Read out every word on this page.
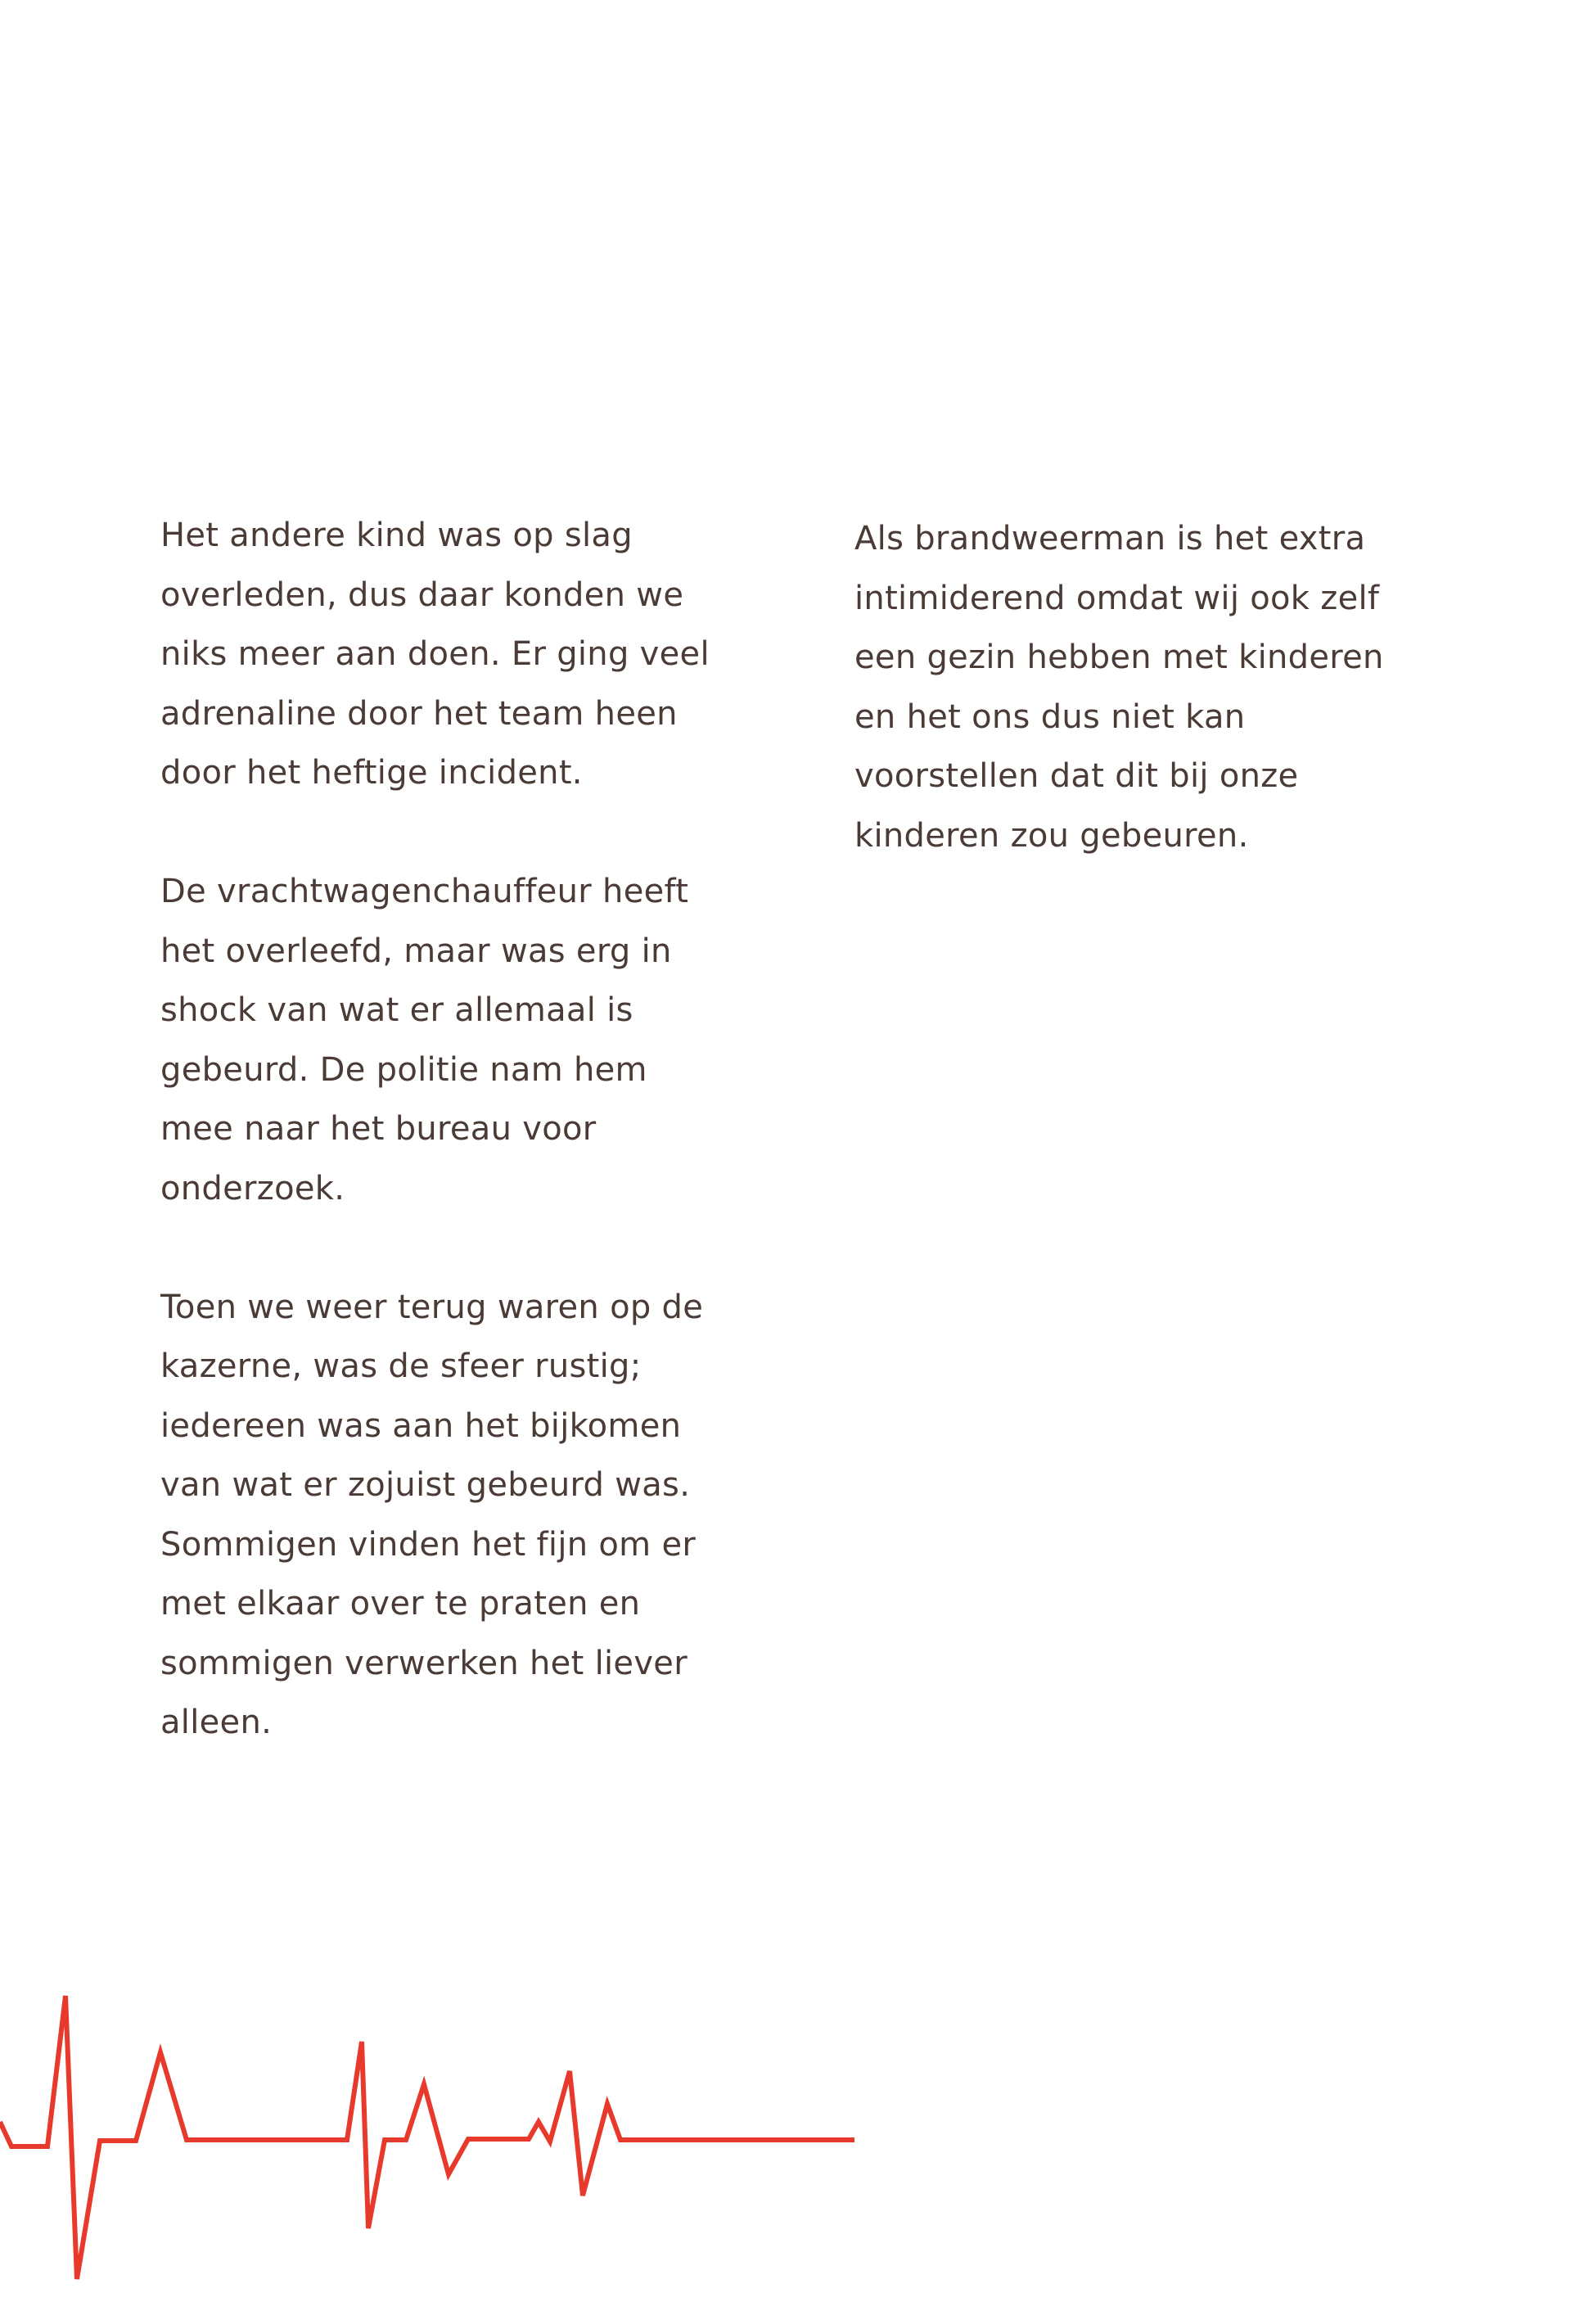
Het andere kind was op slag
overleden, dus daar konden we
niks meer aan doen. Er ging veel
adrenaline door het team heen
door het heftige incident.

De vrachtwagenchauffeur heeft
het overleefd, maar was erg in
shock van wat er allemaal is
gebeurd. De politie nam hem
mee naar het bureau voor
onderzoek.

Toen we weer terug waren op de
kazerne, was de sfeer rustig;
iedereen was aan het bijkomen
van wat er zojuist gebeurd was.
Sommigen vinden het fijn om er
met elkaar over te praten en
sommigen verwerken het liever
alleen.

Als brandweerman is het extra
intimiderend omdat wij ook zelf
een gezin hebben met kinderen
en het ons dus niet kan
voorstellen dat dit bij onze
kinderen zou gebeuren.
